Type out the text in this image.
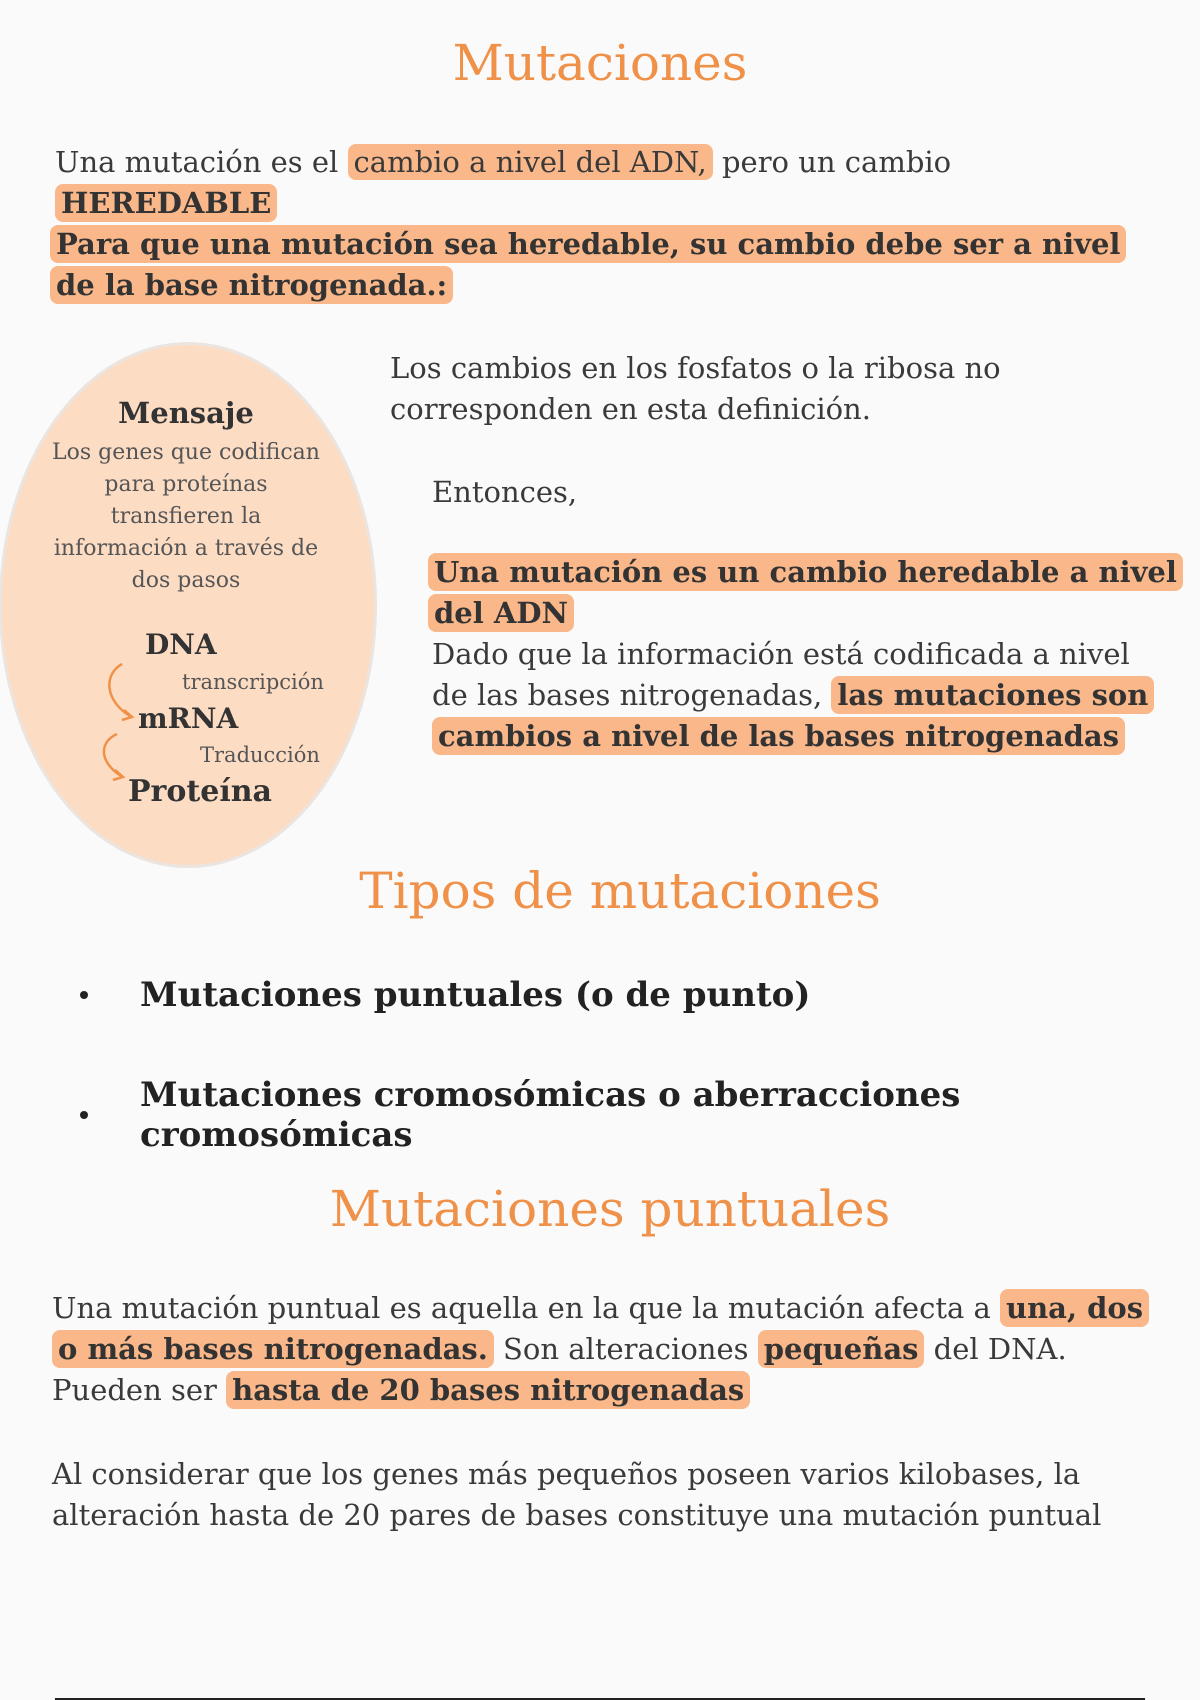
Mutaciones

Una mutación es el cambio a nivel del ADN, pero un cambio HEREDABLE

Para que una mutación sea heredable, su cambio debe ser a nivel de la base nitrogenada.:

Mensaje

Los genes que codifican para proteínas transfieren la información a través de dos pasos

DNA

transcripción

mRNA

Traducción

Proteína

Los cambios en los fosfatos o la ribosa no corresponden en esta definición.

Entonces,

Una mutación es un cambio heredable a nivel del ADN

Dado que la información está codificada a nivel de las bases nitrogenadas, las mutaciones son cambios a nivel de las bases nitrogenadas

Tipos de mutaciones

Mutaciones puntuales (o de punto)

Mutaciones cromosómicas o aberracciones cromosómicas

Mutaciones puntuales

Una mutación puntual es aquella en la que la mutación afecta a una, dos o más bases nitrogenadas. Son alteraciones pequeñas del DNA. Pueden ser hasta de 20 bases nitrogenadas

Al considerar que los genes más pequeños poseen varios kilobases, la alteración hasta de 20 pares de bases constituye una mutación puntual
